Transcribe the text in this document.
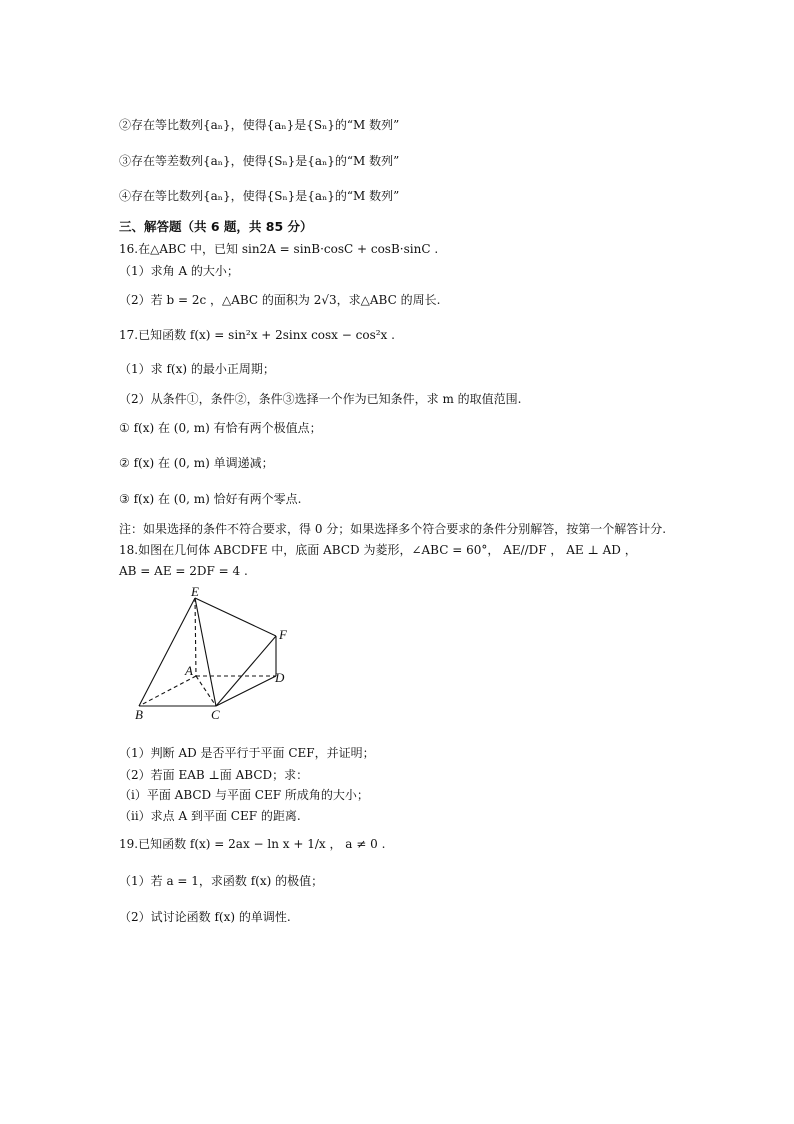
②存在等比数列{aₙ}，使得{aₙ}是{Sₙ}的“M 数列”
③存在等差数列{aₙ}，使得{Sₙ}是{aₙ}的“M 数列”
④存在等比数列{aₙ}，使得{Sₙ}是{aₙ}的“M 数列”
三、解答题（共 6 题，共 85 分）
16.在△ABC 中，已知 sin2A = sinB·cosC + cosB·sinC .
（1）求角 A 的大小；
（2）若 b = 2c ，△ABC 的面积为 2√3，求△ABC 的周长.
17.已知函数 f(x) = sin²x + 2sinx cosx − cos²x .
（1）求 f(x) 的最小正周期；
（2）从条件①，条件②，条件③选择一个作为已知条件，求 m 的取值范围.
① f(x) 在 (0, m) 有恰有两个极值点；
② f(x) 在 (0, m) 单调递减；
③ f(x) 在 (0, m) 恰好有两个零点.
注：如果选择的条件不符合要求，得 0 分；如果选择多个符合要求的条件分别解答，按第一个解答计分.
18.如图在几何体 ABCDFE 中，底面 ABCD 为菱形，∠ABC = 60°， AE//DF ， AE ⊥ AD ，
AB = AE = 2DF = 4 .
E
F
A	D
B	C
（1）判断 AD 是否平行于平面 CEF，并证明；
（2）若面 EAB ⊥面 ABCD；求：
（ⅰ）平面 ABCD 与平面 CEF 所成角的大小；
（ⅱ）求点 A 到平面 CEF 的距离.
19.已知函数 f(x) = 2ax − ln x + 1/x ， a ≠ 0 .
（1）若 a = 1，求函数 f(x) 的极值；
（2）试讨论函数 f(x) 的单调性.
